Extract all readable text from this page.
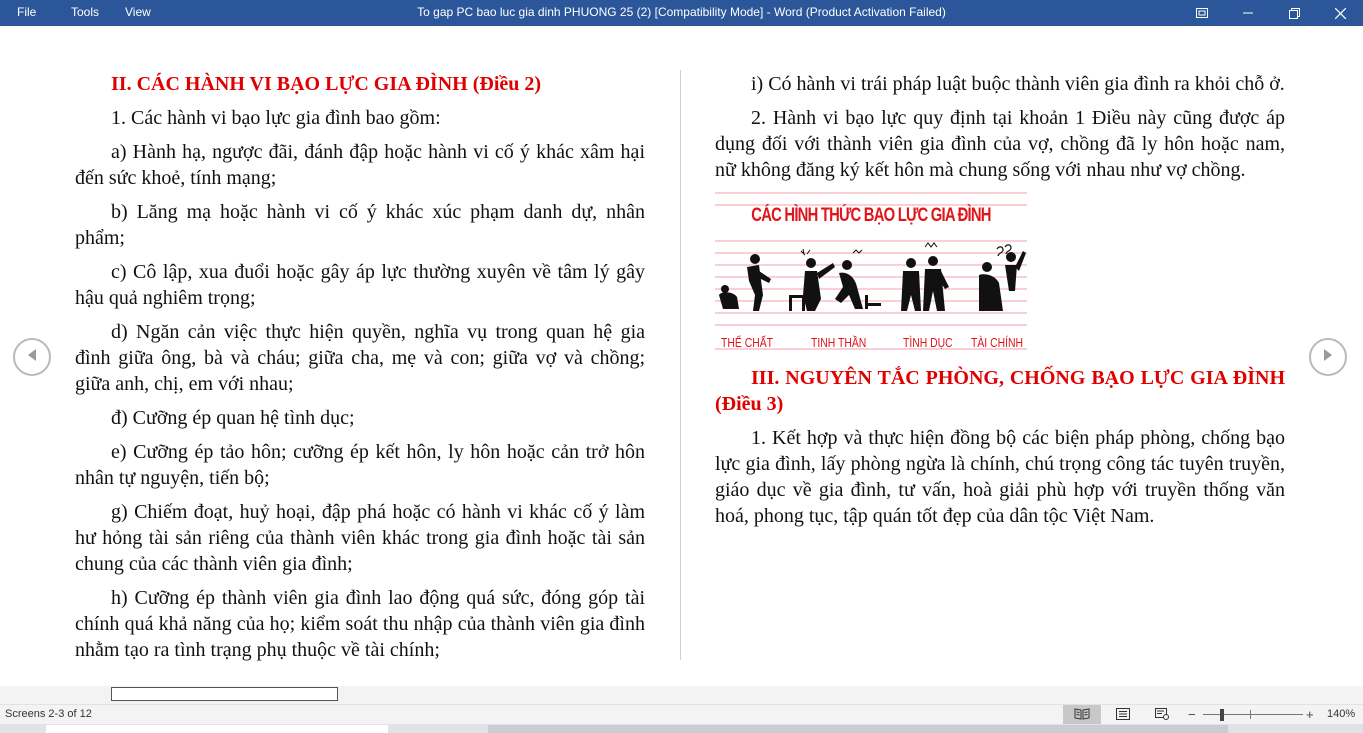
File	Tools View	To gap PC bao luc gia dinh PHUONG 25 (2) [Compatibility Mode] - Word (Product Activation Failed)

II. CÁC HÀNH VI BẠO LỰC GIA ĐÌNH (Điều 2)

1. Các hành vi bạo lực gia đình bao gồm:

a) Hành hạ, ngược đãi, đánh đập hoặc hành vi cố ý khác xâm hại đến sức khoẻ, tính mạng;

b) Lăng mạ hoặc hành vi cố ý khác xúc phạm danh dự, nhân phẩm;

c) Cô lập, xua đuổi hoặc gây áp lực thường xuyên về tâm lý gây hậu quả nghiêm trọng;

d) Ngăn cản việc thực hiện quyền, nghĩa vụ trong quan hệ gia đình giữa ông, bà và cháu; giữa cha, mẹ và con; giữa vợ và chồng; giữa anh, chị, em với nhau;

đ) Cưỡng ép quan hệ tình dục;

e) Cưỡng ép tảo hôn; cưỡng ép kết hôn, ly hôn hoặc cản trở hôn nhân tự nguyện, tiến bộ;

g) Chiếm đoạt, huỷ hoại, đập phá hoặc có hành vi khác cố ý làm hư hỏng tài sản riêng của thành viên khác trong gia đình hoặc tài sản chung của các thành viên gia đình;

h) Cưỡng ép thành viên gia đình lao động quá sức, đóng góp tài chính quá khả năng của họ; kiểm soát thu nhập của thành viên gia đình nhằm tạo ra tình trạng phụ thuộc về tài chính;

i) Có hành vi trái pháp luật buộc thành viên gia đình ra khỏi chỗ ở.

2. Hành vi bạo lực quy định tại khoản 1 Điều này cũng được áp dụng đối với thành viên gia đình của vợ, chồng đã ly hôn hoặc nam, nữ không đăng ký kết hôn mà chung sống với nhau như vợ chồng.

CÁC HÌNH THỨC BẠO LỰC GIA ĐÌNH
THỂ CHẤT	TINH THẦN	TÌNH DỤC TÀI CHÍNH

III. NGUYÊN TẮC PHÒNG, CHỐNG BẠO LỰC GIA ĐÌNH (Điều 3)

1. Kết hợp và thực hiện đồng bộ các biện pháp phòng, chống bạo lực gia đình, lấy phòng ngừa là chính, chú trọng công tác tuyên truyền, giáo dục về gia đình, tư vấn, hoà giải phù hợp với truyền thống văn hoá, phong tục, tập quán tốt đẹp của dân tộc Việt Nam.

Screens 2-3 of 12	−	+ 140%
